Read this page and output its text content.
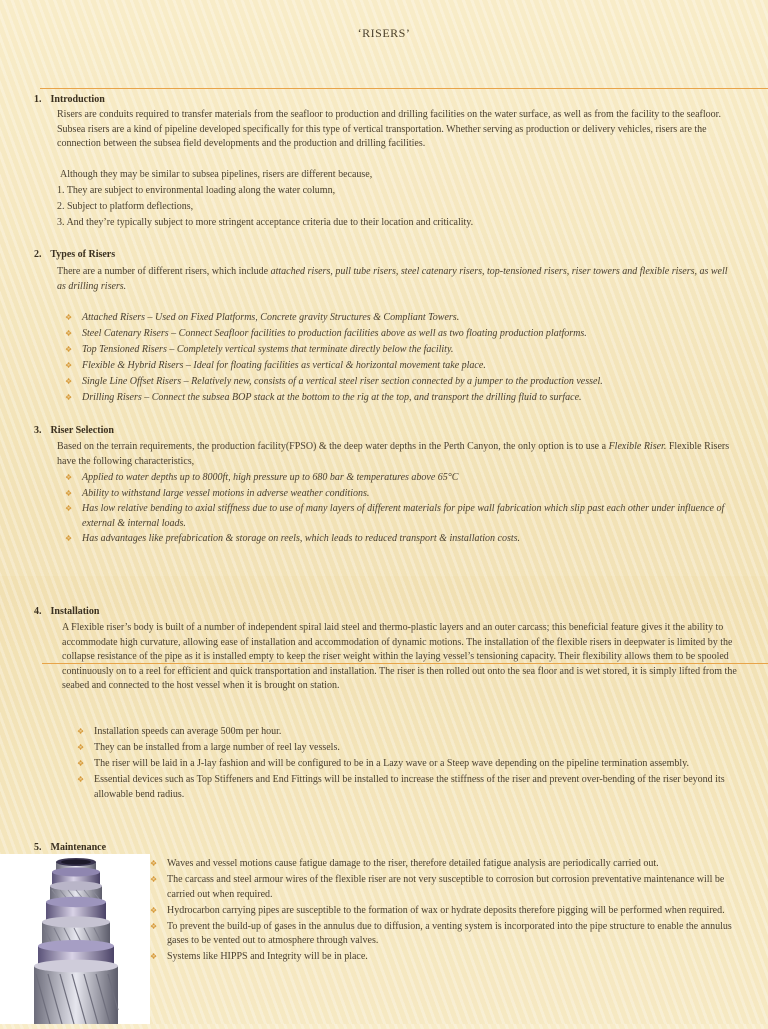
‘RISERS’
1. Introduction
Risers are conduits required to transfer materials from the seafloor to production and drilling facilities on the water surface, as well as from the facility to the seafloor. Subsea risers are a kind of pipeline developed specifically for this type of vertical transportation. Whether serving as production or delivery vehicles, risers are the connection between the subsea field developments and the production and drilling facilities.
Although they may be similar to subsea pipelines, risers are different because,
1. They are subject to environmental loading along the water column,
2. Subject to platform deflections,
3. And they’re typically subject to more stringent acceptance criteria due to their location and criticality.
2. Types of Risers
There are a number of different risers, which include attached risers, pull tube risers, steel catenary risers, top-tensioned risers, riser towers and flexible risers, as well as drilling risers.
❖ Attached Risers – Used on Fixed Platforms, Concrete gravity Structures & Compliant Towers.
❖ Steel Catenary Risers – Connect Seafloor facilities to production facilities above as well as two floating production platforms.
❖ Top Tensioned Risers – Completely vertical systems that terminate directly below the facility.
❖ Flexible & Hybrid Risers – Ideal for floating facilities as vertical & horizontal movement take place.
❖ Single Line Offset Risers – Relatively new, consists of a vertical steel riser section connected by a jumper to the production vessel.
❖ Drilling Risers – Connect the subsea BOP stack at the bottom to the rig at the top, and transport the drilling fluid to surface.
3. Riser Selection
Based on the terrain requirements, the production facility(FPSO) & the deep water depths in the Perth Canyon, the only option is to use a Flexible Riser. Flexible Risers have the following characteristics,
❖ Applied to water depths up to 8000ft, high pressure up to 680 bar & temperatures above 65°C
❖ Ability to withstand large vessel motions in adverse weather conditions.
❖ Has low relative bending to axial stiffness due to use of many layers of different materials for pipe wall fabrication which slip past each other under influence of external & internal loads.
❖ Has advantages like prefabrication & storage on reels, which leads to reduced transport & installation costs.
4. Installation
A Flexible riser’s body is built of a number of independent spiral laid steel and thermo-plastic layers and an outer carcass; this beneficial feature gives it the ability to accommodate high curvature, allowing ease of installation and accommodation of dynamic motions. The installation of the flexible risers in deepwater is limited by the collapse resistance of the pipe as it is installed empty to keep the riser weight within the laying vessel’s tensioning capacity. Their flexibility allows them to be spooled continuously on to a reel for efficient and quick transportation and installation. The riser is then rolled out onto the sea floor and is wet stored, it is simply lifted from the seabed and connected to the host vessel when it is brought on station.
❖ Installation speeds can average 500m per hour.
❖ They can be installed from a large number of reel lay vessels.
❖ The riser will be laid in a J-lay fashion and will be configured to be in a Lazy wave or a Steep wave depending on the pipeline termination assembly.
❖ Essential devices such as Top Stiffeners and End Fittings will be installed to increase the stiffness of the riser and prevent over-bending of the riser beyond its allowable bend radius.
5. Maintenance
❖ Waves and vessel motions cause fatigue damage to the riser, therefore detailed fatigue analysis are periodically carried out.
❖ The carcass and steel armour wires of the flexible riser are not very susceptible to corrosion but corrosion preventative maintenance will be carried out when required.
❖ Hydrocarbon carrying pipes are susceptible to the formation of wax or hydrate deposits therefore pigging will be performed when required.
❖ To prevent the build-up of gases in the annulus due to diffusion, a venting system is incorporated into the pipe structure to enable the annulus gases to be vented out to atmosphere through valves.
❖ Systems like HIPPS and Integrity will be in place.
